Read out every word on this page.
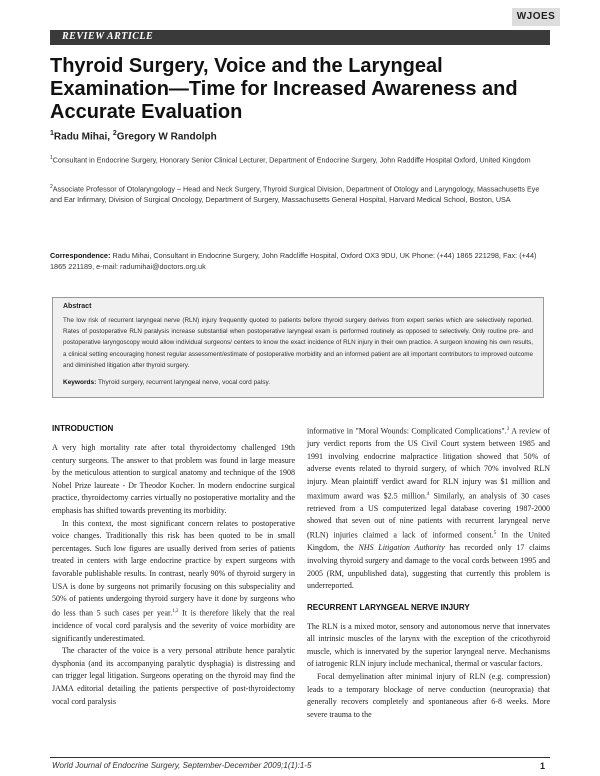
WJOES
REVIEW ARTICLE
Thyroid Surgery, Voice and the Laryngeal Examination—Time for Increased Awareness and Accurate Evaluation
$^1$Radu Mihai, $^2$Gregory W Randolph
$^1$Consultant in Endocrine Surgery, Honorary Senior Clinical Lecturer, Department of Endocrine Surgery, John Raddiffe Hospital Oxford, United Kingdom
$^2$Associate Professor of Otolaryngology – Head and Neck Surgery, Thyroid Surgical Division, Department of Otology and Laryngology, Massachusetts Eye and Ear Infirmary, Division of Surgical Oncology, Department of Surgery, Massachusetts General Hospital, Harvard Medical School, Boston, USA
Correspondence: Radu Mihai, Consultant in Endocrine Surgery, John Radcliffe Hospital, Oxford OX3 9DU, UK Phone: (+44) 1865 221298, Fax: (+44) 1865 221189, e-mail: radumihai@doctors.org.uk
Abstract
The low risk of recurrent laryngeal nerve (RLN) injury frequently quoted to patients before thyroid surgery derives from expert series which are selectively reported. Rates of postoperative RLN paralysis increase substantial when postoperative laryngeal exam is performed routinely as opposed to selectively. Only routine pre- and postoperative laryngoscopy would allow individual surgeons/ centers to know the exact incidence of RLN injury in their own practice. A surgeon knowing his own results, a clinical setting encouraging honest regular assessment/estimate of postoperative morbidity and an informed patient are all important contributors to improved outcome and diminished litigation after thyroid surgery.
Keywords: Thyroid surgery, recurrent laryngeal nerve, vocal cord palsy.
INTRODUCTION

A very high mortality rate after total thyroidectomy challenged 19th century surgeons. The answer to that problem was found in large measure by the meticulous attention to surgical anatomy and technique of the 1908 Nobel Prize laureate - Dr Theodor Kocher. In modern endocrine surgical practice, thyroidectomy carries virtually no postoperative mortality and the emphasis has shifted towards preventing its morbidity.

In this context, the most significant concern relates to postoperative voice changes. Traditionally this risk has been quoted to be in small percentages. Such low figures are usually derived from series of patients treated in centers with large endocrine practice by expert surgeons with favorable publishable results. In contrast, nearly 90% of thyroid surgery in USA is done by surgeons not primarily focusing on this subspeciality and 50% of patients undergoing thyroid surgery have it done by surgeons who do less than 5 such cases per year.$^{1,2}$ It is therefore likely that the real incidence of vocal cord paralysis and the severity of voice morbidity are significantly underestimated.

The character of the voice is a very personal attribute hence paralytic dysphonia (and its accompanying paralytic dysphagia) is distressing and can trigger legal litigation. Surgeons operating on the thyroid may find the JAMA editorial detailing the patients perspective of post-thyroidectomy vocal cord paralysis

informative in "Moral Wounds: Complicated Complications".$^3$ A review of jury verdict reports from the US Civil Court system between 1985 and 1991 involving endocrine malpractice litigation showed that 50% of adverse events related to thyroid surgery, of which 70% involved RLN injury. Mean plaintiff verdict award for RLN injury was $1 million and maximum award was $2.5 million.$^4$ Similarly, an analysis of 30 cases retrieved from a US computerized legal database covering 1987-2000 showed that seven out of nine patients with recurrent laryngeal nerve (RLN) injuries claimed a lack of informed consent.$^5$ In the United Kingdom, the NHS Litigation Authority has recorded only 17 claims involving thyroid surgery and damage to the vocal cords between 1995 and 2005 (RM, unpublished data), suggesting that currently this problem is underreported.

RECURRENT LARYNGEAL NERVE INJURY

The RLN is a mixed motor, sensory and autonomous nerve that innervates all intrinsic muscles of the larynx with the exception of the cricothyroid muscle, which is innervated by the superior laryngeal nerve. Mechanisms of iatrogenic RLN injury include mechanical, thermal or vascular factors.

Focal demyelination after minimal injury of RLN (e.g. compression) leads to a temporary blockage of nerve conduction (neuropraxia) that generally recovers completely and spontaneous after 6-8 weeks. More severe trauma to the

World Journal of Endocrine Surgery, September-December 2009;1(1):1-5	1
